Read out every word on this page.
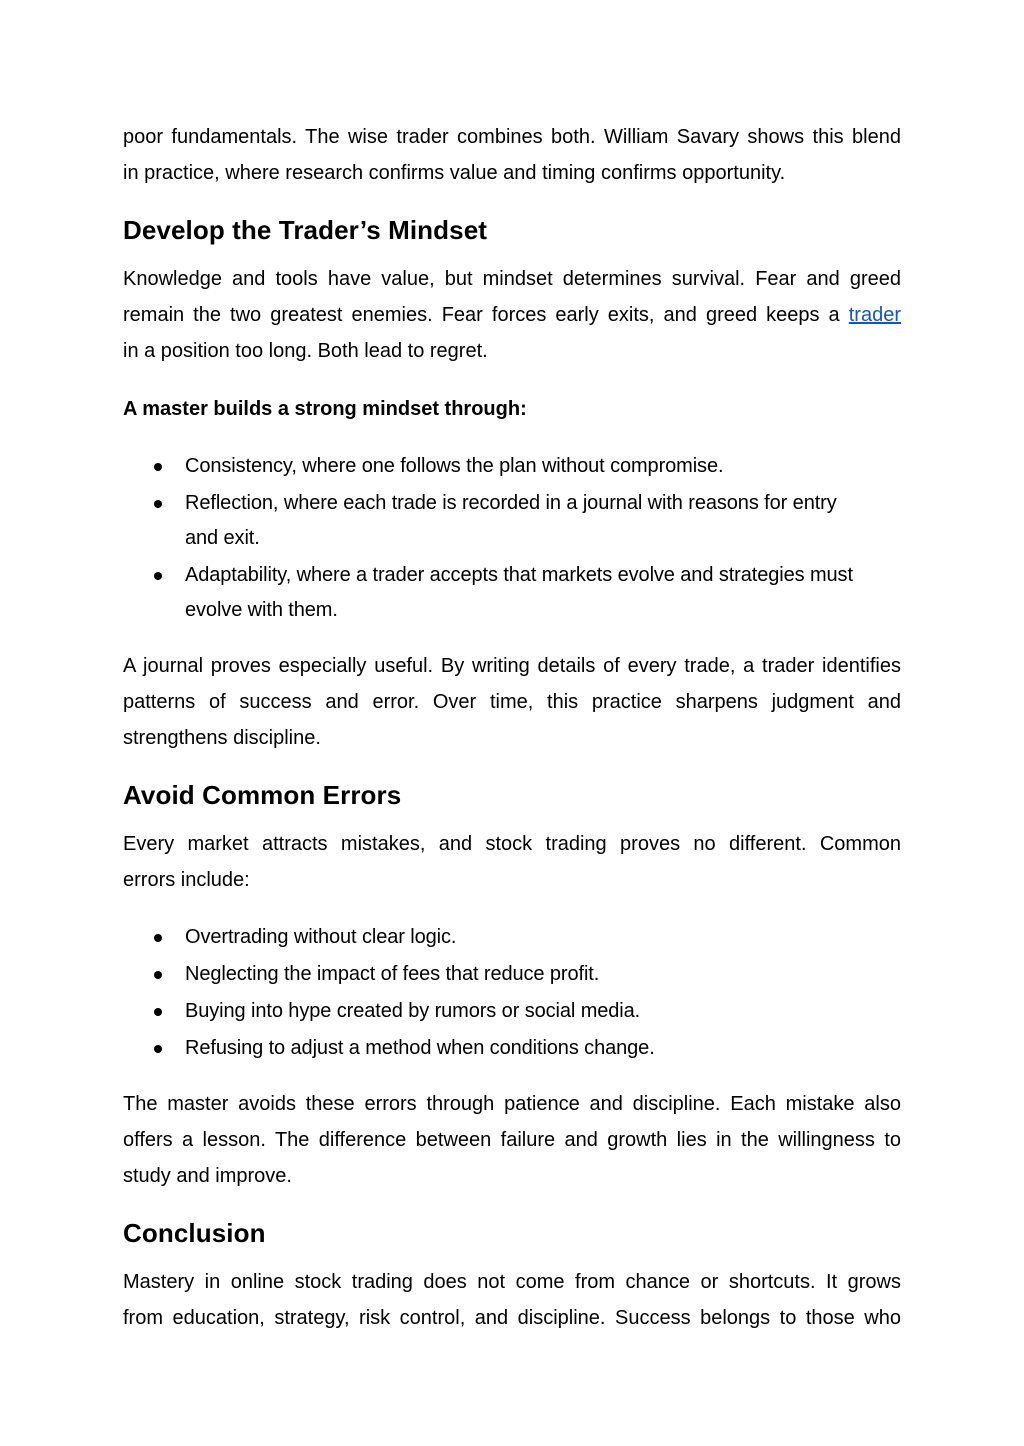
poor fundamentals. The wise trader combines both. William Savary shows this blend
in practice, where research confirms value and timing confirms opportunity.
Develop the Trader’s Mindset
Knowledge and tools have value, but mindset determines survival. Fear and greed
remain the two greatest enemies. Fear forces early exits, and greed keeps a trader
in a position too long. Both lead to regret.
A master builds a strong mindset through:
Consistency, where one follows the plan without compromise.
Reflection, where each trade is recorded in a journal with reasons for entry
and exit.
Adaptability, where a trader accepts that markets evolve and strategies must
evolve with them.
A journal proves especially useful. By writing details of every trade, a trader identifies
patterns of success and error. Over time, this practice sharpens judgment and
strengthens discipline.
Avoid Common Errors
Every market attracts mistakes, and stock trading proves no different. Common
errors include:
Overtrading without clear logic.
Neglecting the impact of fees that reduce profit.
Buying into hype created by rumors or social media.
Refusing to adjust a method when conditions change.
The master avoids these errors through patience and discipline. Each mistake also
offers a lesson. The difference between failure and growth lies in the willingness to
study and improve.
Conclusion
Mastery in online stock trading does not come from chance or shortcuts. It grows
from education, strategy, risk control, and discipline. Success belongs to those who
